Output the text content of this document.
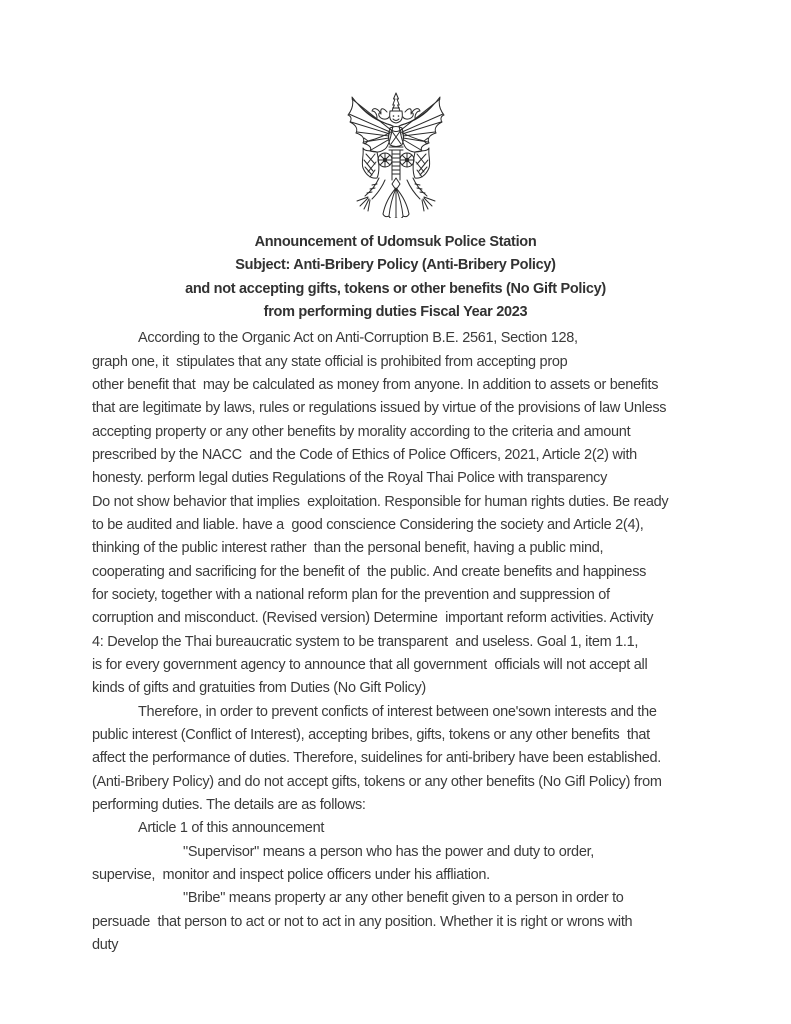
Announcement of Udomsuk Police Station
Subject: Anti-Bribery Policy (Anti-Bribery Policy)
and not accepting gifts, tokens or other benefits (No Gift Policy)
from performing duties Fiscal Year 2023
According to the Organic Act on Anti-Corruption B.E. 2561, Section 128,
graph one, it  stipulates that any state official is prohibited from accepting prop
other benefit that  may be calculated as money from anyone. In addition to assets or benefits
that are legitimate by laws, rules or regulations issued by virtue of the provisions of law Unless
accepting property or any other benefits by morality according to the criteria and amount
prescribed by the NACC  and the Code of Ethics of Police Officers, 2021, Article 2(2) with
honesty. perform legal duties Regulations of the Royal Thai Police with transparency
Do not show behavior that implies  exploitation. Responsible for human rights duties. Be ready
to be audited and liable. have a  good conscience Considering the society and Article 2(4),
thinking of the public interest rather  than the personal benefit, having a public mind,
cooperating and sacrificing for the benefit of  the public. And create benefits and happiness
for society, together with a national reform plan for the prevention and suppression of
corruption and misconduct. (Revised version) Determine  important reform activities. Activity
4: Develop the Thai bureaucratic system to be transparent  and useless. Goal 1, item 1.1,
is for every government agency to announce that all government  officials will not accept all
kinds of gifts and gratuities from Duties (No Gift Policy)
Therefore, in order to prevent conficts of interest between one'sown interests and the
public interest (Conflict of Interest), accepting bribes, gifts, tokens or any other benefits  that
affect the performance of duties. Therefore, suidelines for anti-bribery have been established.
(Anti-Bribery Policy) and do not accept gifts, tokens or any other benefits (No Gifl Policy) from
performing duties. The details are as follows:
Article 1 of this announcement
"Supervisor" means a person who has the power and duty to order,
supervise,  monitor and inspect police officers under his affliation.
"Bribe" means property ar any other benefit given to a person in order to
persuade  that person to act or not to act in any position. Whether it is right or wrons with
duty
